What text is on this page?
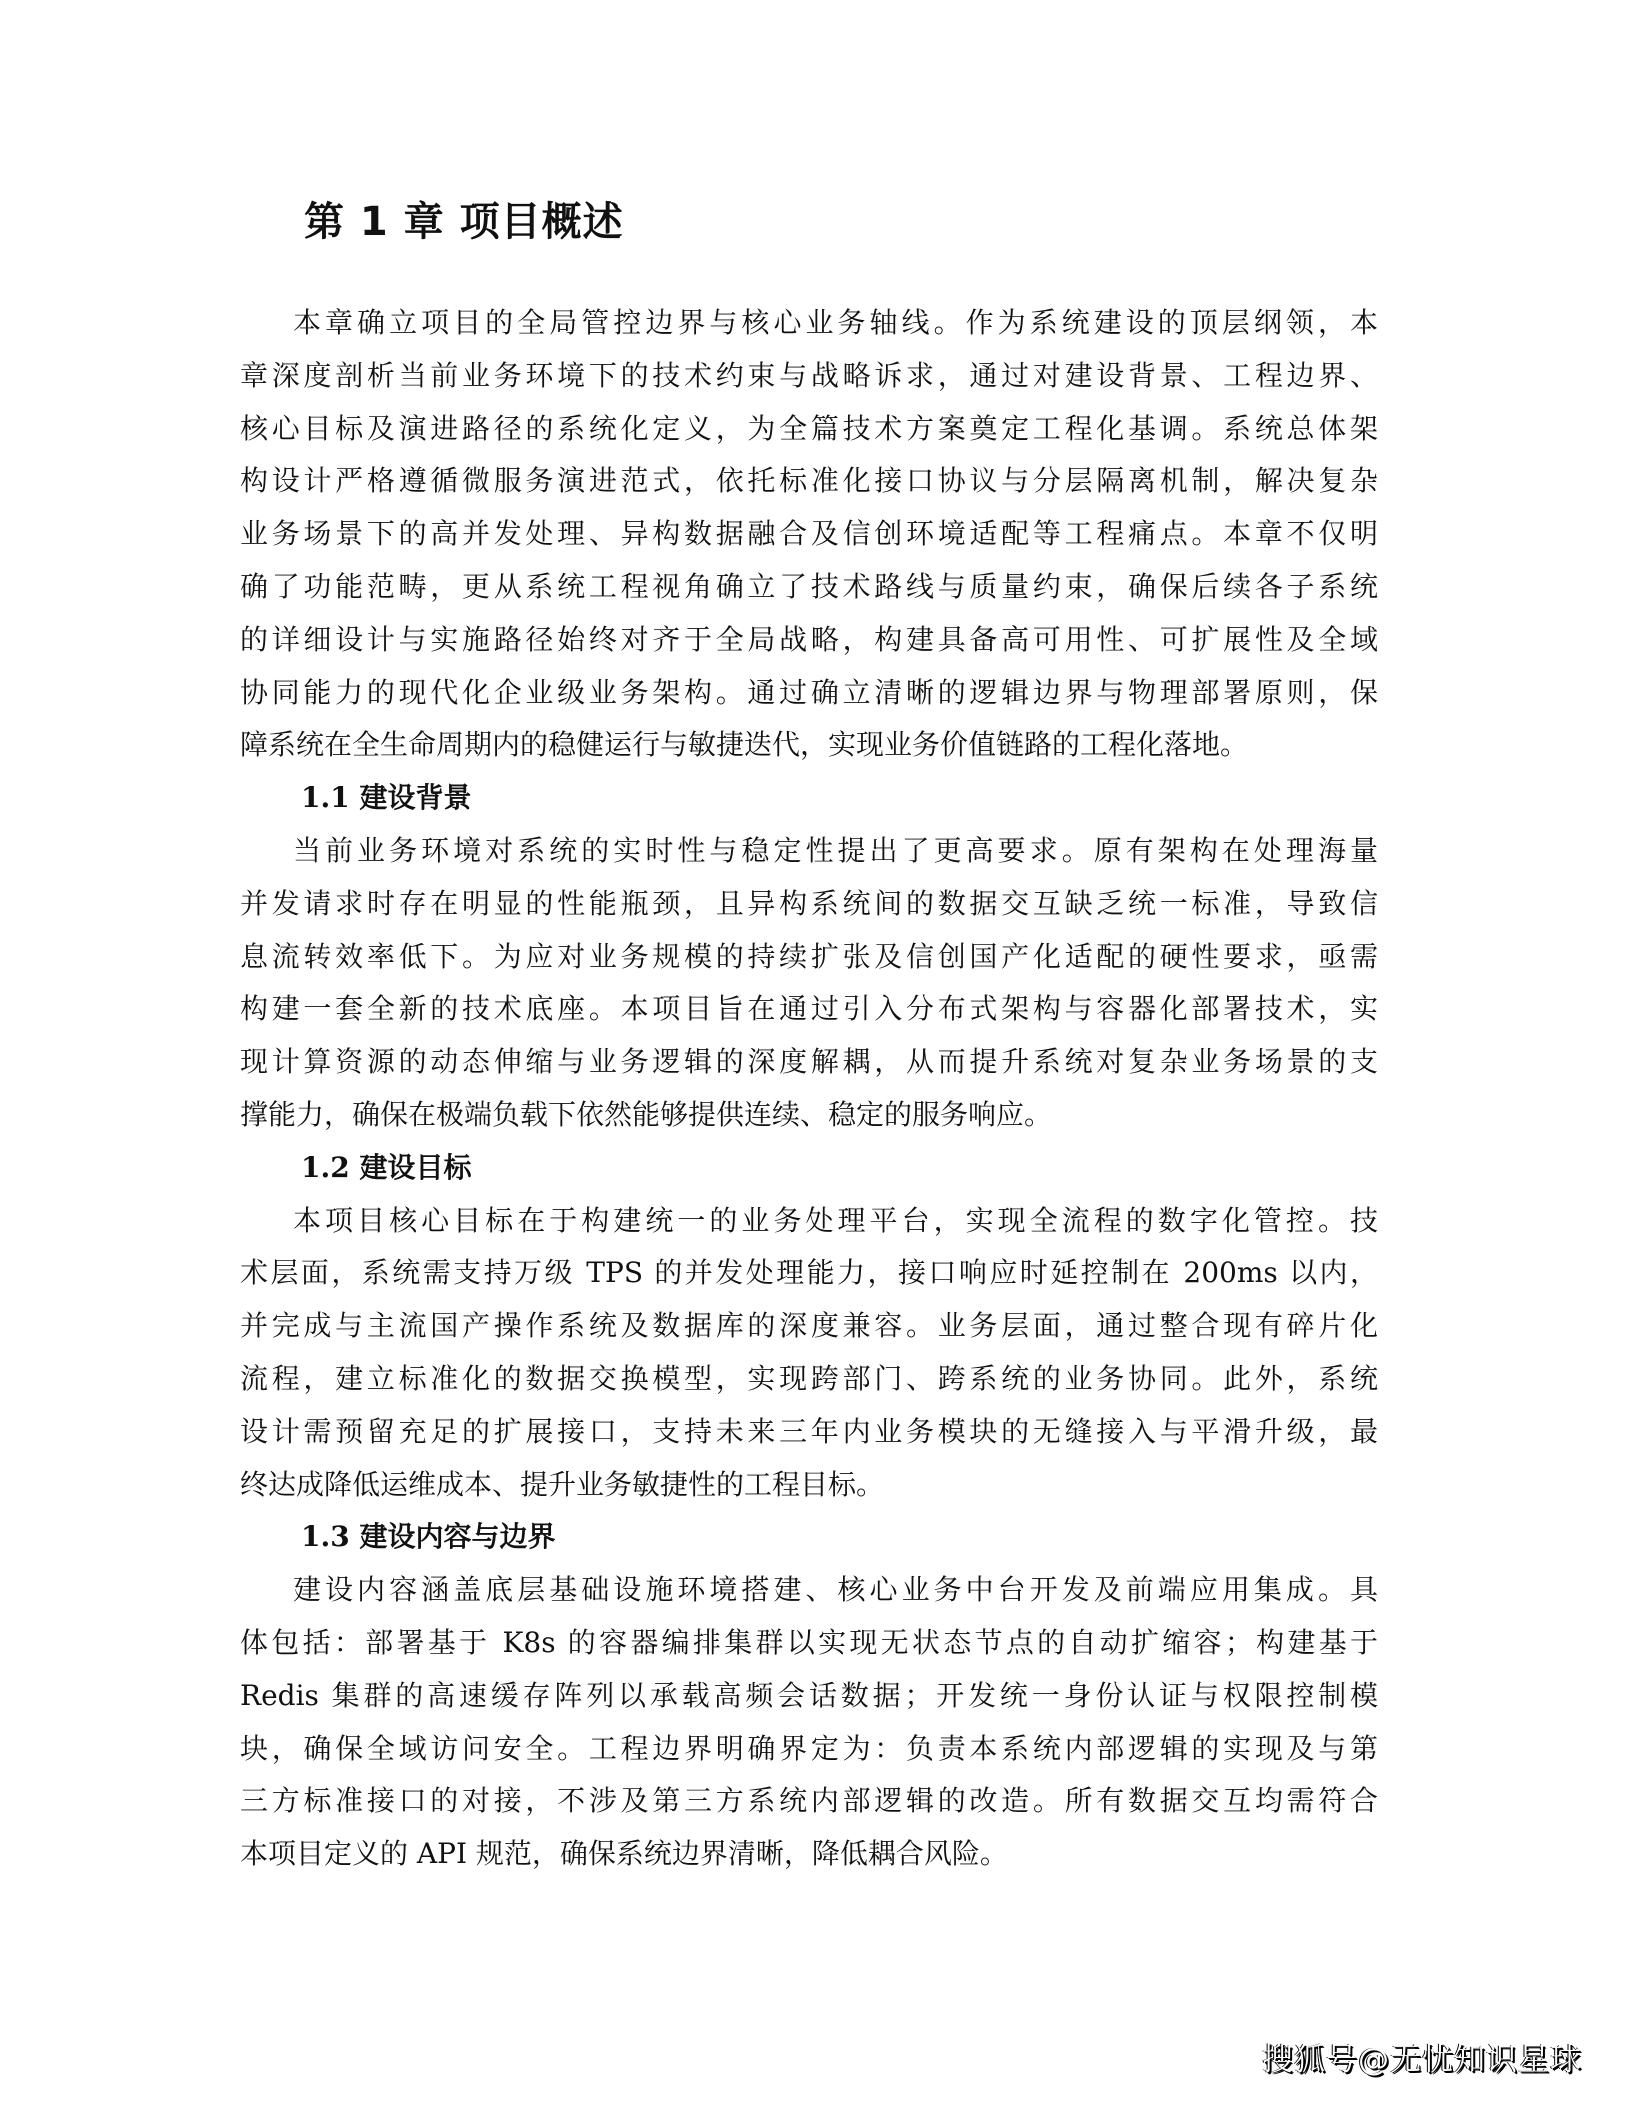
第 1 章 项目概述
本章确立项目的全局管控边界与核心业务轴线。作为系统建设的顶层纲领，本
章深度剖析当前业务环境下的技术约束与战略诉求，通过对建设背景、工程边界、
核心目标及演进路径的系统化定义，为全篇技术方案奠定工程化基调。系统总体架
构设计严格遵循微服务演进范式，依托标准化接口协议与分层隔离机制，解决复杂
业务场景下的高并发处理、异构数据融合及信创环境适配等工程痛点。本章不仅明
确了功能范畴，更从系统工程视角确立了技术路线与质量约束，确保后续各子系统
的详细设计与实施路径始终对齐于全局战略，构建具备高可用性、可扩展性及全域
协同能力的现代化企业级业务架构。通过确立清晰的逻辑边界与物理部署原则，保
障系统在全生命周期内的稳健运行与敏捷迭代，实现业务价值链路的工程化落地。
1.1 建设背景
当前业务环境对系统的实时性与稳定性提出了更高要求。原有架构在处理海量
并发请求时存在明显的性能瓶颈，且异构系统间的数据交互缺乏统一标准，导致信
息流转效率低下。为应对业务规模的持续扩张及信创国产化适配的硬性要求，亟需
构建一套全新的技术底座。本项目旨在通过引入分布式架构与容器化部署技术，实
现计算资源的动态伸缩与业务逻辑的深度解耦，从而提升系统对复杂业务场景的支
撑能力，确保在极端负载下依然能够提供连续、稳定的服务响应。
1.2 建设目标
本项目核心目标在于构建统一的业务处理平台，实现全流程的数字化管控。技
术层面，系统需支持万级 TPS 的并发处理能力，接口响应时延控制在 200ms 以内，
并完成与主流国产操作系统及数据库的深度兼容。业务层面，通过整合现有碎片化
流程，建立标准化的数据交换模型，实现跨部门、跨系统的业务协同。此外，系统
设计需预留充足的扩展接口，支持未来三年内业务模块的无缝接入与平滑升级，最
终达成降低运维成本、提升业务敏捷性的工程目标。
1.3 建设内容与边界
建设内容涵盖底层基础设施环境搭建、核心业务中台开发及前端应用集成。具
体包括：部署基于 K8s 的容器编排集群以实现无状态节点的自动扩缩容；构建基于
Redis 集群的高速缓存阵列以承载高频会话数据；开发统一身份认证与权限控制模
块，确保全域访问安全。工程边界明确界定为：负责本系统内部逻辑的实现及与第
三方标准接口的对接，不涉及第三方系统内部逻辑的改造。所有数据交互均需符合
本项目定义的 API 规范，确保系统边界清晰，降低耦合风险。
搜狐号@无忧知识星球
